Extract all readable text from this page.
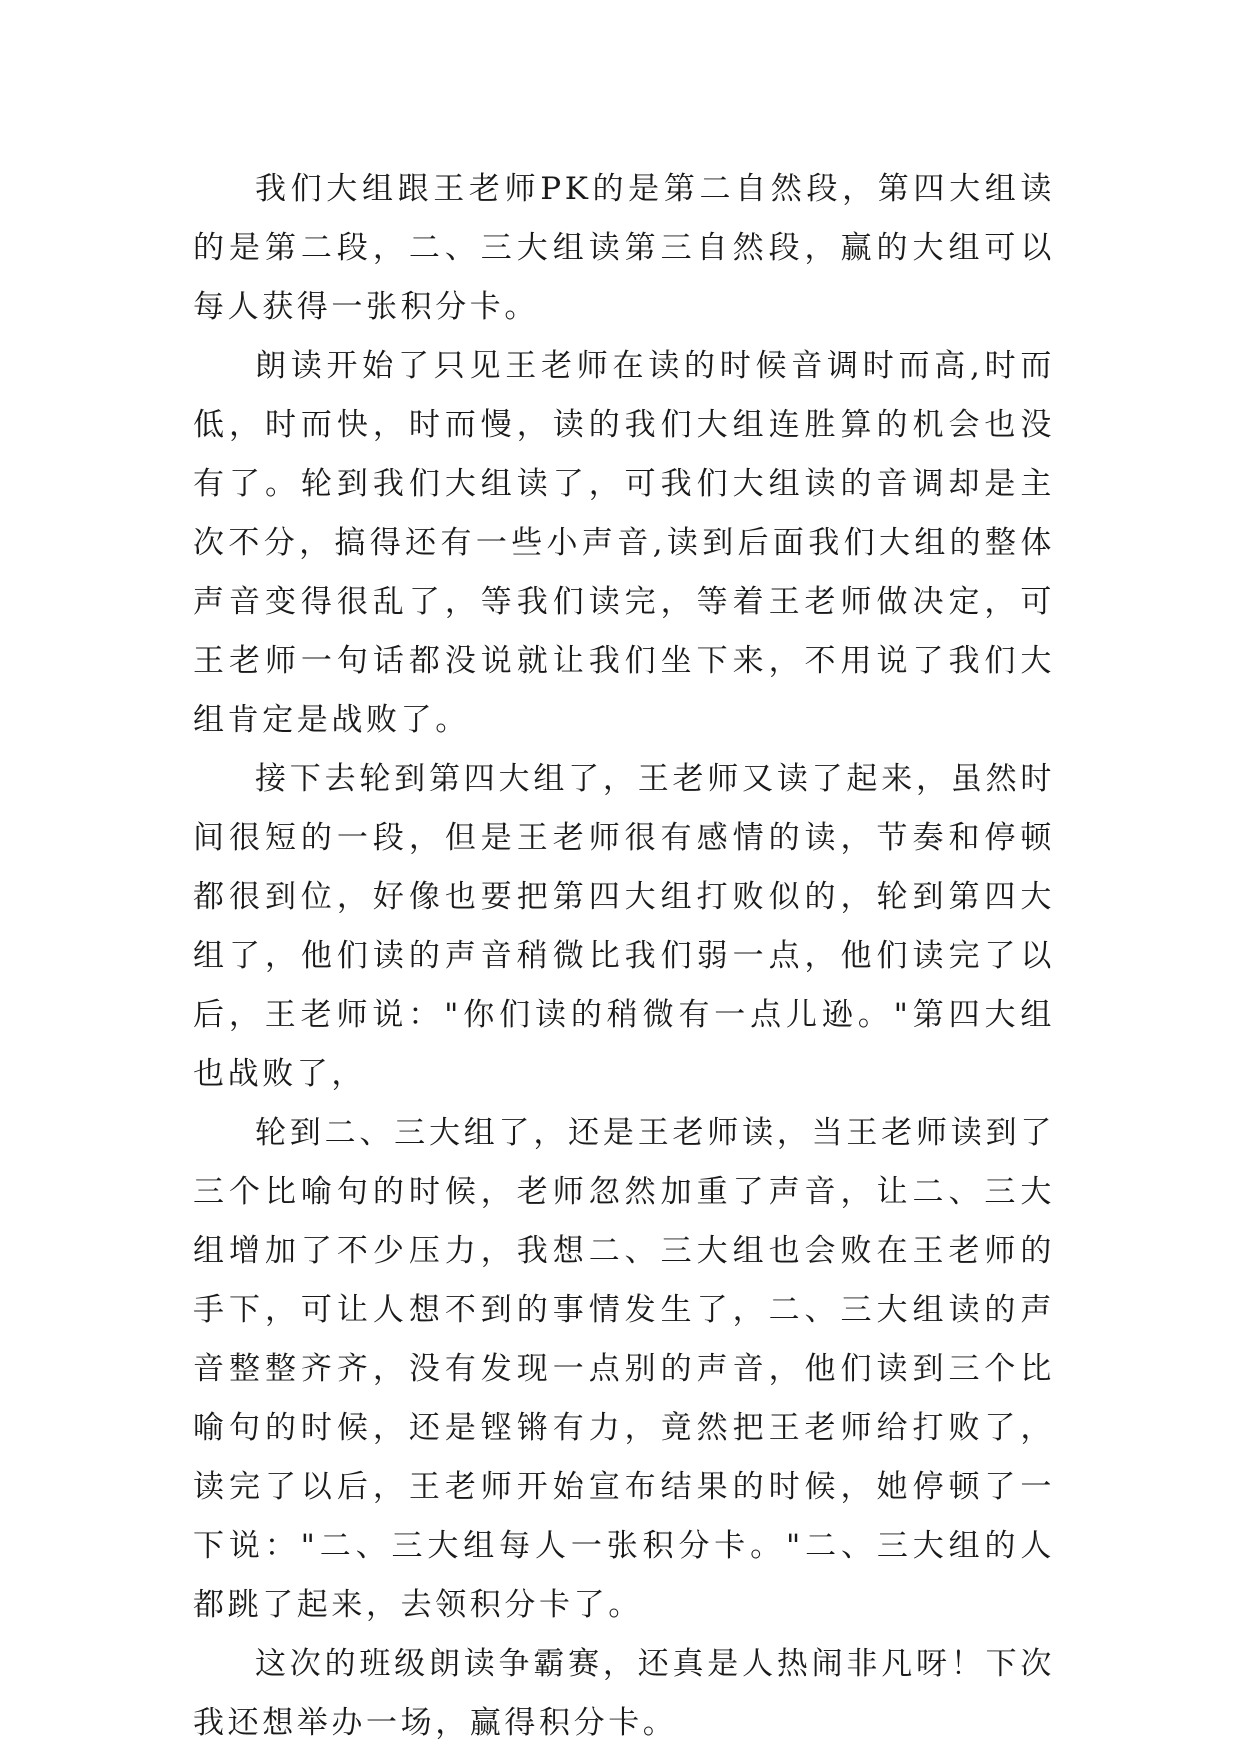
我们大组跟王老师PK的是第二自然段，第四大组读的是第二段，二、三大组读第三自然段，赢的大组可以每人获得一张积分卡。

朗读开始了只见王老师在读的时候音调时而高,时而低，时而快，时而慢，读的我们大组连胜算的机会也没有了。轮到我们大组读了，可我们大组读的音调却是主次不分，搞得还有一些小声音,读到后面我们大组的整体声音变得很乱了，等我们读完，等着王老师做决定，可王老师一句话都没说就让我们坐下来，不用说了我们大组肯定是战败了。

接下去轮到第四大组了，王老师又读了起来，虽然时间很短的一段，但是王老师很有感情的读，节奏和停顿都很到位，好像也要把第四大组打败似的，轮到第四大组了，他们读的声音稍微比我们弱一点，他们读完了以后，王老师说："你们读的稍微有一点儿逊。"第四大组也战败了，

轮到二、三大组了，还是王老师读，当王老师读到了三个比喻句的时候，老师忽然加重了声音，让二、三大组增加了不少压力，我想二、三大组也会败在王老师的手下，可让人想不到的事情发生了，二、三大组读的声音整整齐齐，没有发现一点别的声音，他们读到三个比喻句的时候，还是铿锵有力，竟然把王老师给打败了，读完了以后，王老师开始宣布结果的时候，她停顿了一下说："二、三大组每人一张积分卡。"二、三大组的人都跳了起来，去领积分卡了。

这次的班级朗读争霸赛，还真是人热闹非凡呀！下次我还想举办一场，赢得积分卡。
